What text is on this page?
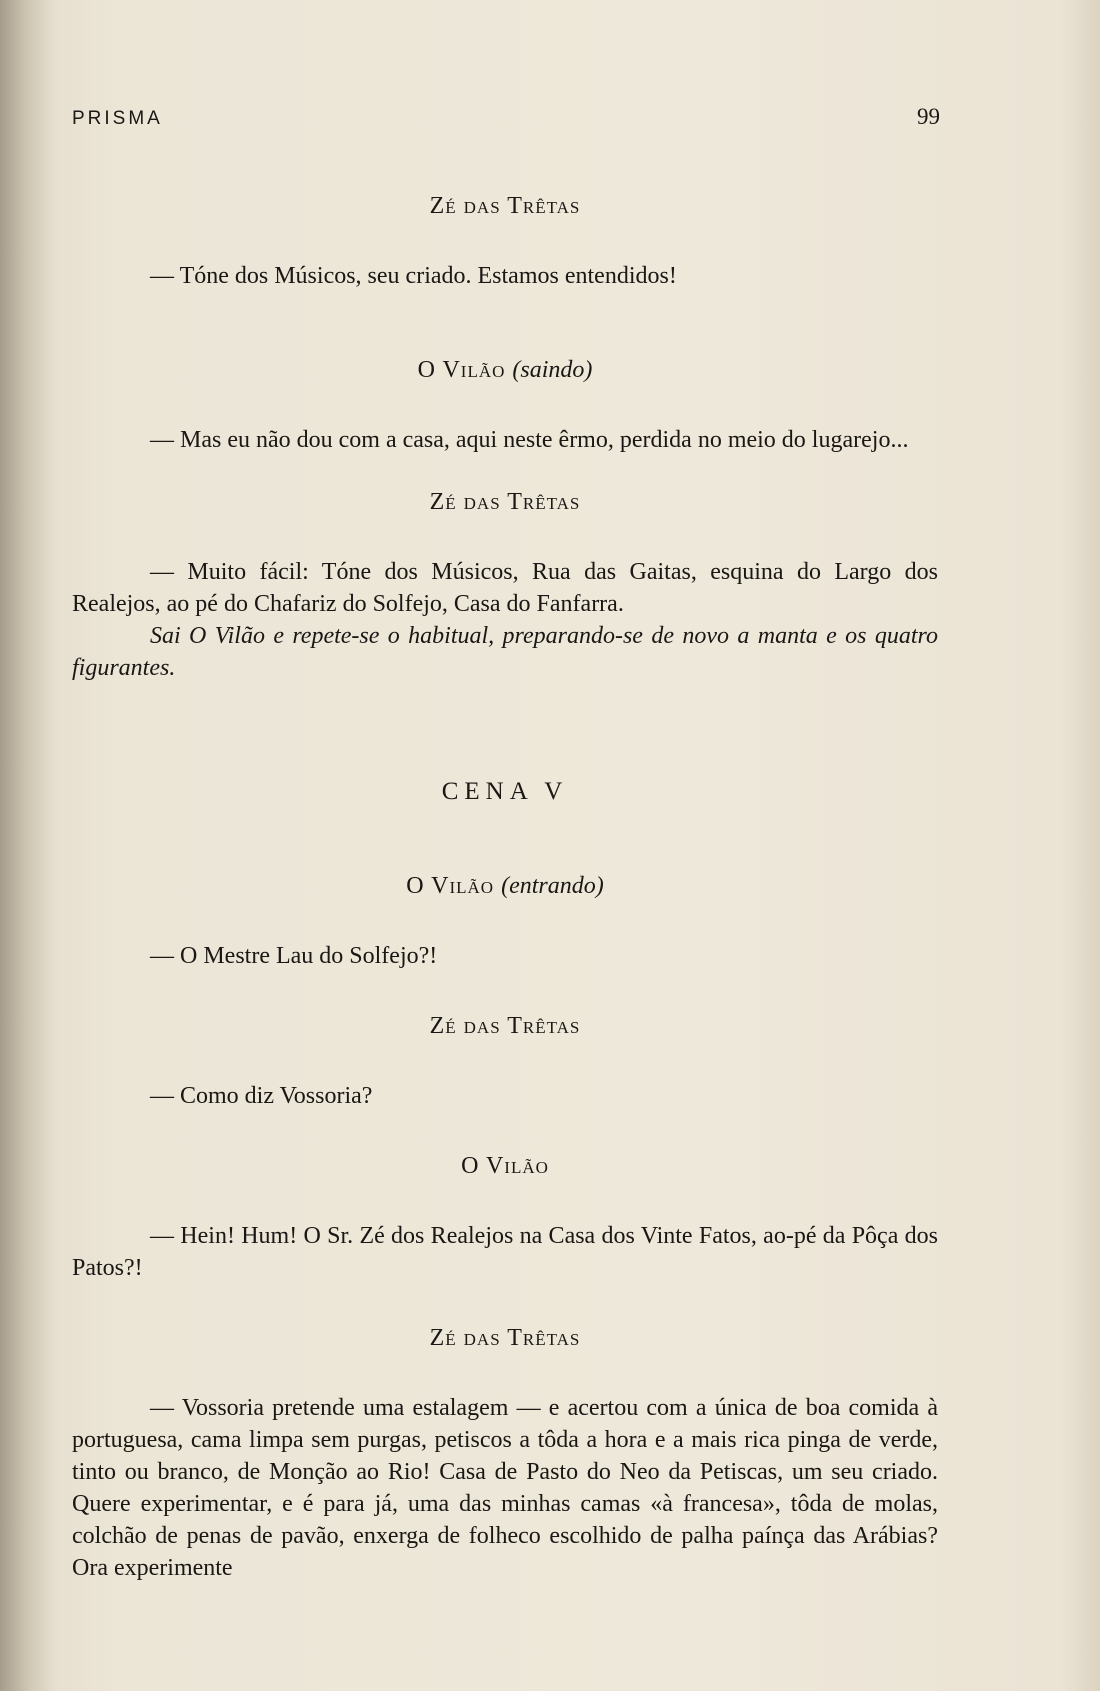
PRISMA	99

Zé das Trêtas

— Tóne dos Músicos, seu criado. Estamos entendidos!

O Vilão (saindo)

— Mas eu não dou com a casa, aqui neste êrmo, perdida no meio do lugarejo...

Zé das Trêtas

— Muito fácil: Tóne dos Músicos, Rua das Gaitas, esquina do Largo dos Realejos, ao pé do Chafariz do Solfejo, Casa do Fanfarra.

Sai O Vilão e repete-se o habitual, preparando-se de novo a manta e os quatro figurantes.

CENA V

O Vilão (entrando)

— O Mestre Lau do Solfejo?!

Zé das Trêtas

— Como diz Vossoria?

O Vilão

— Hein! Hum! O Sr. Zé dos Realejos na Casa dos Vinte Fatos, ao-pé da Pôça dos Patos?!

Zé das Trêtas

— Vossoria pretende uma estalagem — e acertou com a única de boa comida à portuguesa, cama limpa sem purgas, petiscos a tôda a hora e a mais rica pinga de verde, tinto ou branco, de Monção ao Rio! Casa de Pasto do Neo da Petiscas, um seu criado. Quere experimentar, e é para já, uma das minhas camas «à francesa», tôda de molas, colchão de penas de pavão, enxerga de folheco escolhido de palha paínça das Arábias? Ora experimente
